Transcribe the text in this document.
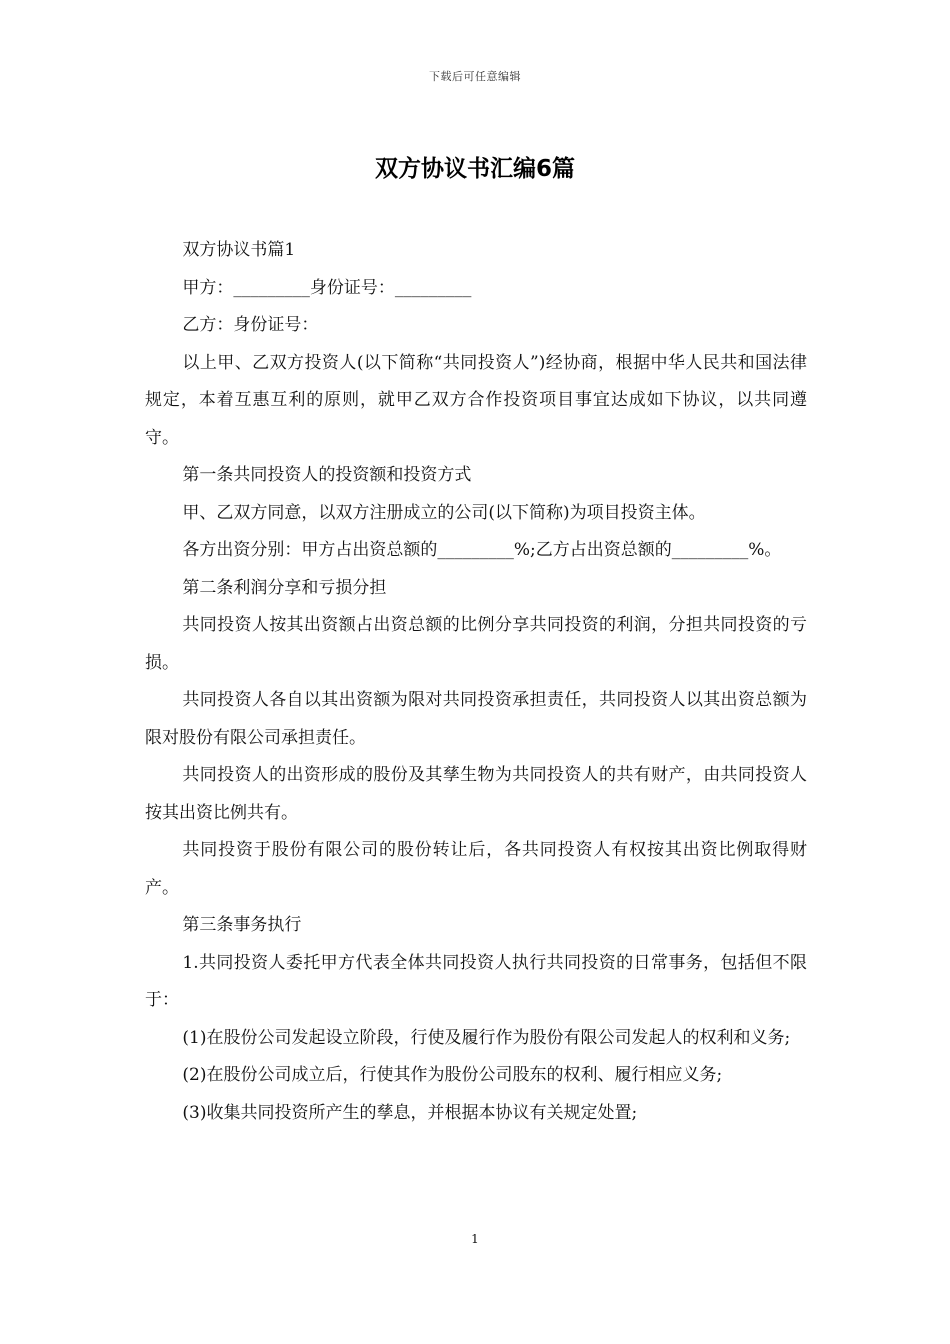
下载后可任意编辑
双方协议书汇编6篇

双方协议书篇1

甲方：_________身份证号：_________

乙方：身份证号：

以上甲、乙双方投资人(以下简称“共同投资人”)经协商，根据中华人民共和国法律规定，本着互惠互利的原则，就甲乙双方合作投资项目事宜达成如下协议，以共同遵守。

第一条共同投资人的投资额和投资方式

甲、乙双方同意，以双方注册成立的公司(以下简称)为项目投资主体。

各方出资分别：甲方占出资总额的_________%;乙方占出资总额的_________%。

第二条利润分享和亏损分担

共同投资人按其出资额占出资总额的比例分享共同投资的利润，分担共同投资的亏损。

共同投资人各自以其出资额为限对共同投资承担责任，共同投资人以其出资总额为限对股份有限公司承担责任。

共同投资人的出资形成的股份及其孳生物为共同投资人的共有财产，由共同投资人按其出资比例共有。

共同投资于股份有限公司的股份转让后，各共同投资人有权按其出资比例取得财产。

第三条事务执行

1.共同投资人委托甲方代表全体共同投资人执行共同投资的日常事务，包括但不限于：

(1)在股份公司发起设立阶段，行使及履行作为股份有限公司发起人的权利和义务;

(2)在股份公司成立后，行使其作为股份公司股东的权利、履行相应义务;

(3)收集共同投资所产生的孳息，并根据本协议有关规定处置;

1
